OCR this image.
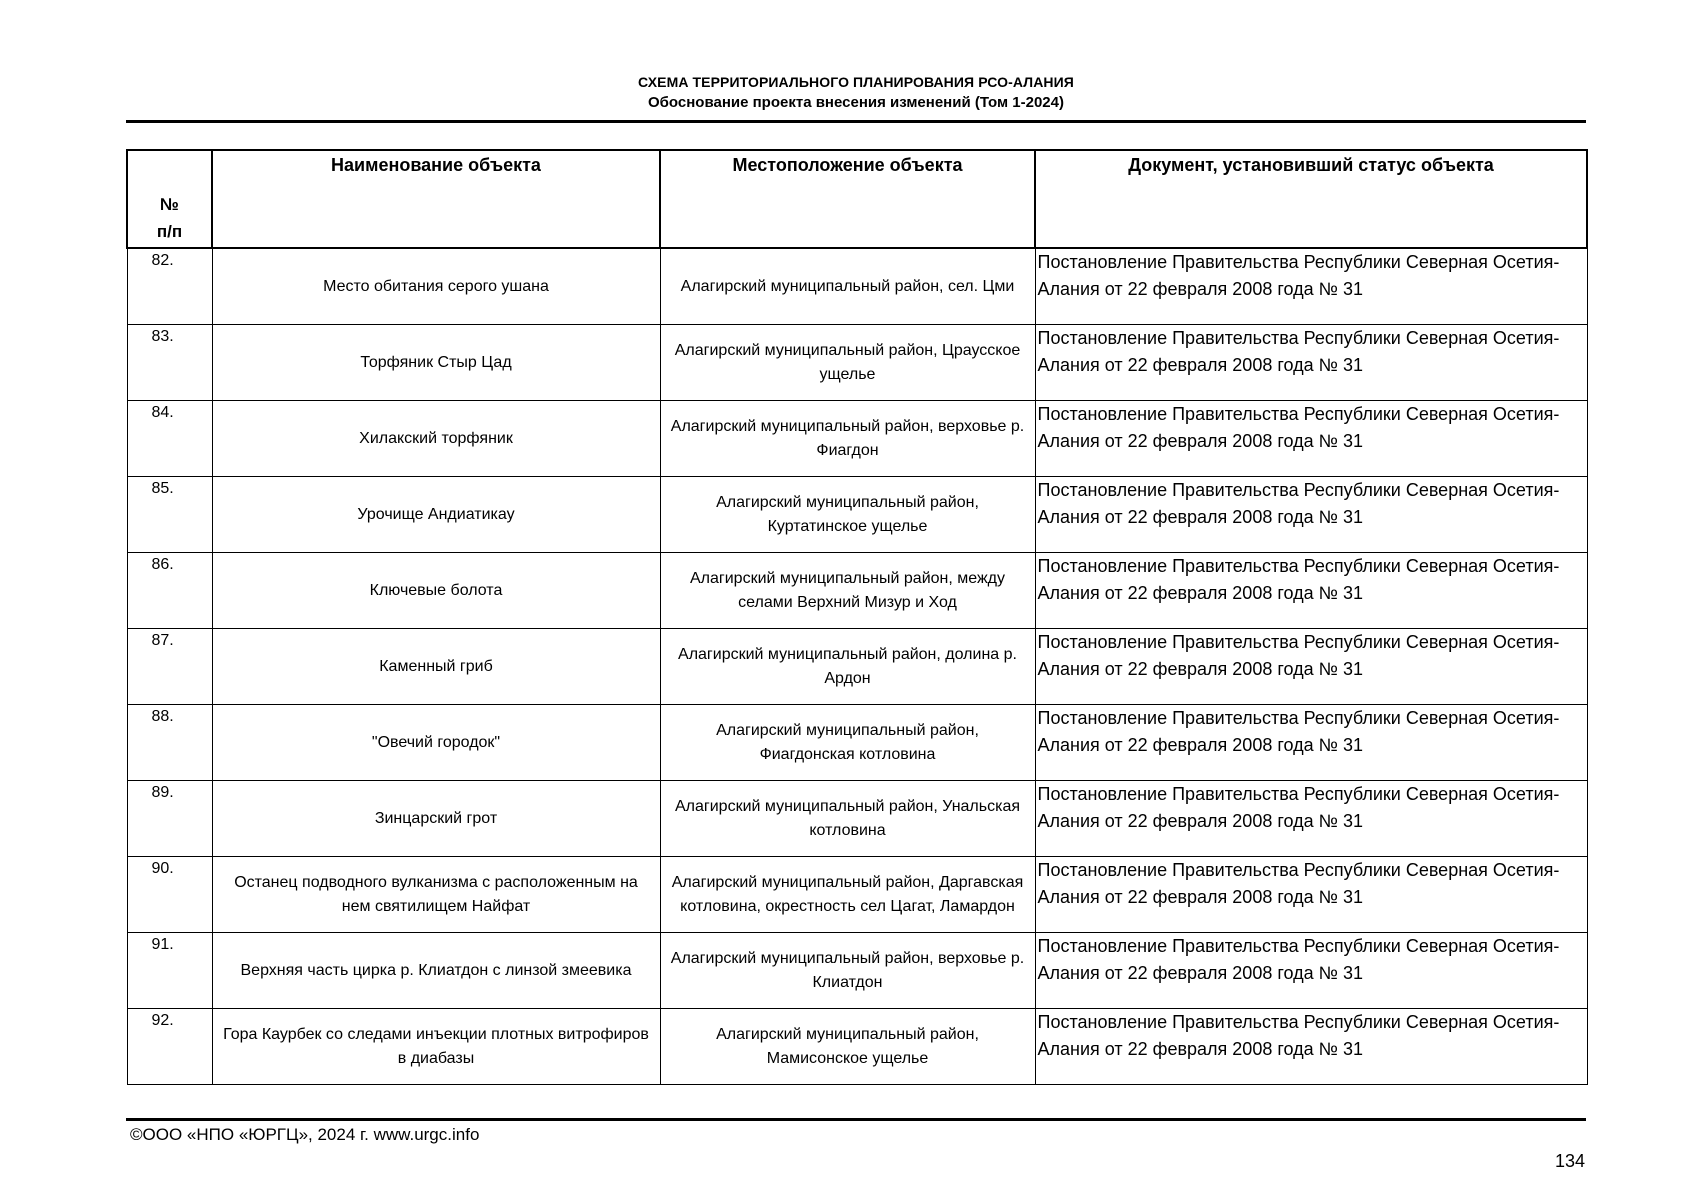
СХЕМА ТЕРРИТОРИАЛЬНОГО ПЛАНИРОВАНИЯ РСО-АЛАНИЯ
Обоснование проекта внесения изменений (Том 1-2024)
№
п/п	Наименование объекта	Местоположение объекта	Документ, установивший статус объекта
82.	Место обитания серого ушана	Алагирский муниципальный район, сел. Цми	Постановление Правительства Республики Северная Осетия-Алания от 22 февраля 2008 года № 31
83.	Торфяник Стыр Цад	Алагирский муниципальный район, Цраусское ущелье	Постановление Правительства Республики Северная Осетия-Алания от 22 февраля 2008 года № 31
84.	Хилакский торфяник	Алагирский муниципальный район, верховье р. Фиагдон	Постановление Правительства Республики Северная Осетия-Алания от 22 февраля 2008 года № 31
85.	Урочище Андиатикау	Алагирский муниципальный район, Куртатинское ущелье	Постановление Правительства Республики Северная Осетия-Алания от 22 февраля 2008 года № 31
86.	Ключевые болота	Алагирский муниципальный район, между селами Верхний Мизур и Ход	Постановление Правительства Республики Северная Осетия-Алания от 22 февраля 2008 года № 31
87.	Каменный гриб	Алагирский муниципальный район, долина р. Ардон	Постановление Правительства Республики Северная Осетия-Алания от 22 февраля 2008 года № 31
88.	"Овечий городок"	Алагирский муниципальный район, Фиагдонская котловина	Постановление Правительства Республики Северная Осетия-Алания от 22 февраля 2008 года № 31
89.	Зинцарский грот	Алагирский муниципальный район, Унальская котловина	Постановление Правительства Республики Северная Осетия-Алания от 22 февраля 2008 года № 31
90.	Останец подводного вулканизма с расположенным на нем святилищем Найфат	Алагирский муниципальный район, Даргавская котловина, окрестность сел Цагат, Ламардон	Постановление Правительства Республики Северная Осетия-Алания от 22 февраля 2008 года № 31
91.	Верхняя часть цирка р. Клиатдон с линзой змеевика	Алагирский муниципальный район, верховье р. Клиатдон	Постановление Правительства Республики Северная Осетия-Алания от 22 февраля 2008 года № 31
92.	Гора Каурбек со следами инъекции плотных витрофиров в диабазы	Алагирский муниципальный район, Мамисонское ущелье	Постановление Правительства Республики Северная Осетия-Алания от 22 февраля 2008 года № 31
©ООО «НПО «ЮРГЦ», 2024 г. www.urgc.info
134
